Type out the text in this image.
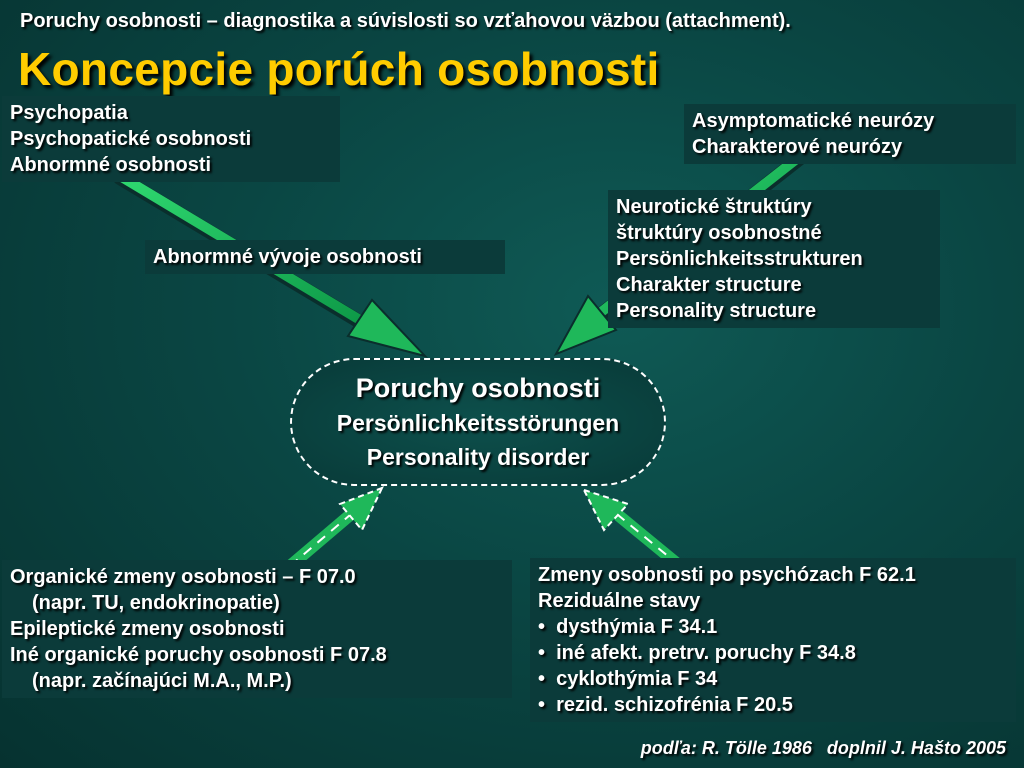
Poruchy osobnosti – diagnostika a súvislosti so vzťahovou väzbou (attachment).
Koncepcie porúch osobnosti
Psychopatia
Psychopatické osobnosti
Abnormné osobnosti
Abnormné vývoje osobnosti
Asymptomatické neurózy
Charakterové neurózy
Neurotické štruktúry
štruktúry osobnostné
Persönlichkeitsstrukturen
Charakter structure
Personality structure
Poruchy osobnosti
Persönlichkeitsstörungen
Personality disorder
Organické zmeny osobnosti – F 07.0
(napr. TU, endokrinopatie)
Epileptické zmeny osobnosti
Iné organické poruchy osobnosti F 07.8
(napr. začínajúci M.A., M.P.)
Zmeny osobnosti po psychózach F 62.1
Reziduálne stavy
•  dysthýmia F 34.1
•  iné afekt. pretrv. poruchy F 34.8
•  cyklothýmia F 34
•  rezid. schizofrénia F 20.5
podľa: R. Tölle 1986   doplnil J. Hašto 2005
